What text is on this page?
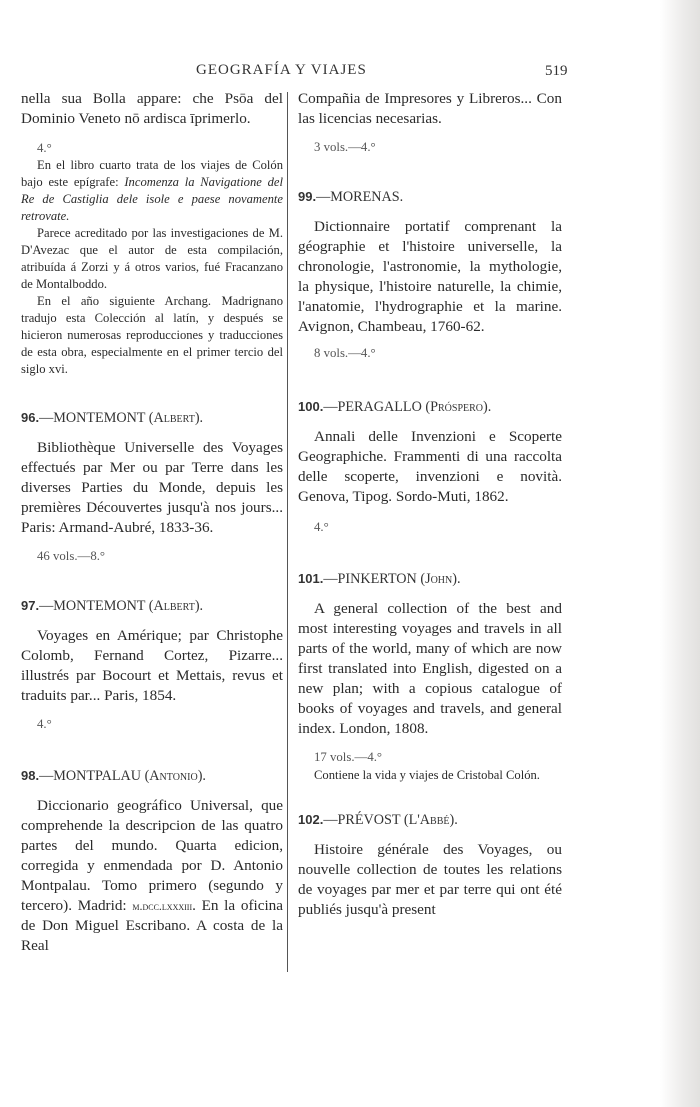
GEOGRAFÍA Y VIAJES	519

nella sua Bolla appare: che Psōa del Dominio Veneto nō ardisca īprimerlo.

4.°

En el libro cuarto trata de los viajes de Colón bajo este epígrafe: Incomenza la Navigatione del Re de Castiglia dele isole e paese novamente retrovate.

Parece acreditado por las investigaciones de M. D'Avezac que el autor de esta compilación, atribuída á Zorzi y á otros varios, fué Fracanzano de Montalboddo.

En el año siguiente Archang. Madrignano tradujo esta Colección al latín, y después se hicieron numerosas reproducciones y traducciones de esta obra, especialmente en el primer tercio del siglo xvi.

96.—MONTEMONT (Albert).

Bibliothèque Universelle des Voyages effectués par Mer ou par Terre dans les diverses Parties du Monde, depuis les premières Découvertes jusqu'à nos jours... Paris: Armand-Aubré, 1833-36.

46 vols.—8.°

97.—MONTEMONT (Albert).

Voyages en Amérique; par Christophe Colomb, Fernand Cortez, Pizarre... illustrés par Bocourt et Mettais, revus et traduits par... Paris, 1854.

4.°

98.—MONTPALAU (Antonio).

Diccionario geográfico Universal, que comprehende la descripcion de las quatro partes del mundo. Quarta edicion, corregida y enmendada por D. Antonio Montpalau. Tomo primero (segundo y tercero). Madrid: m.dcc.lxxxiii. En la oficina de Don Miguel Escribano. A costa de la Real

Compañia de Impresores y Libreros... Con las licencias necesarias.

3 vols.—4.°

99.—MORENAS.

Dictionnaire portatif comprenant la géographie et l'histoire universelle, la chronologie, l'astronomie, la mythologie, la physique, l'histoire naturelle, la chimie, l'anatomie, l'hydrographie et la marine. Avignon, Chambeau, 1760-62.

8 vols.—4.°

100.—PERAGALLO (Próspero).

Annali delle Invenzioni e Scoperte Geographiche. Frammenti di una raccolta delle scoperte, invenzioni e novità. Genova, Tipog. Sordo-Muti, 1862.

4.°

101.—PINKERTON (John).

A general collection of the best and most interesting voyages and travels in all parts of the world, many of which are now first translated into English, digested on a new plan; with a copious catalogue of books of voyages and travels, and general index. London, 1808.

17 vols.—4.°

Contiene la vida y viajes de Cristobal Colón.

102.—PRÉVOST (L'Abbé).

Histoire générale des Voyages, ou nouvelle collection de toutes les relations de voyages par mer et par terre qui ont été publiés jusqu'à present
